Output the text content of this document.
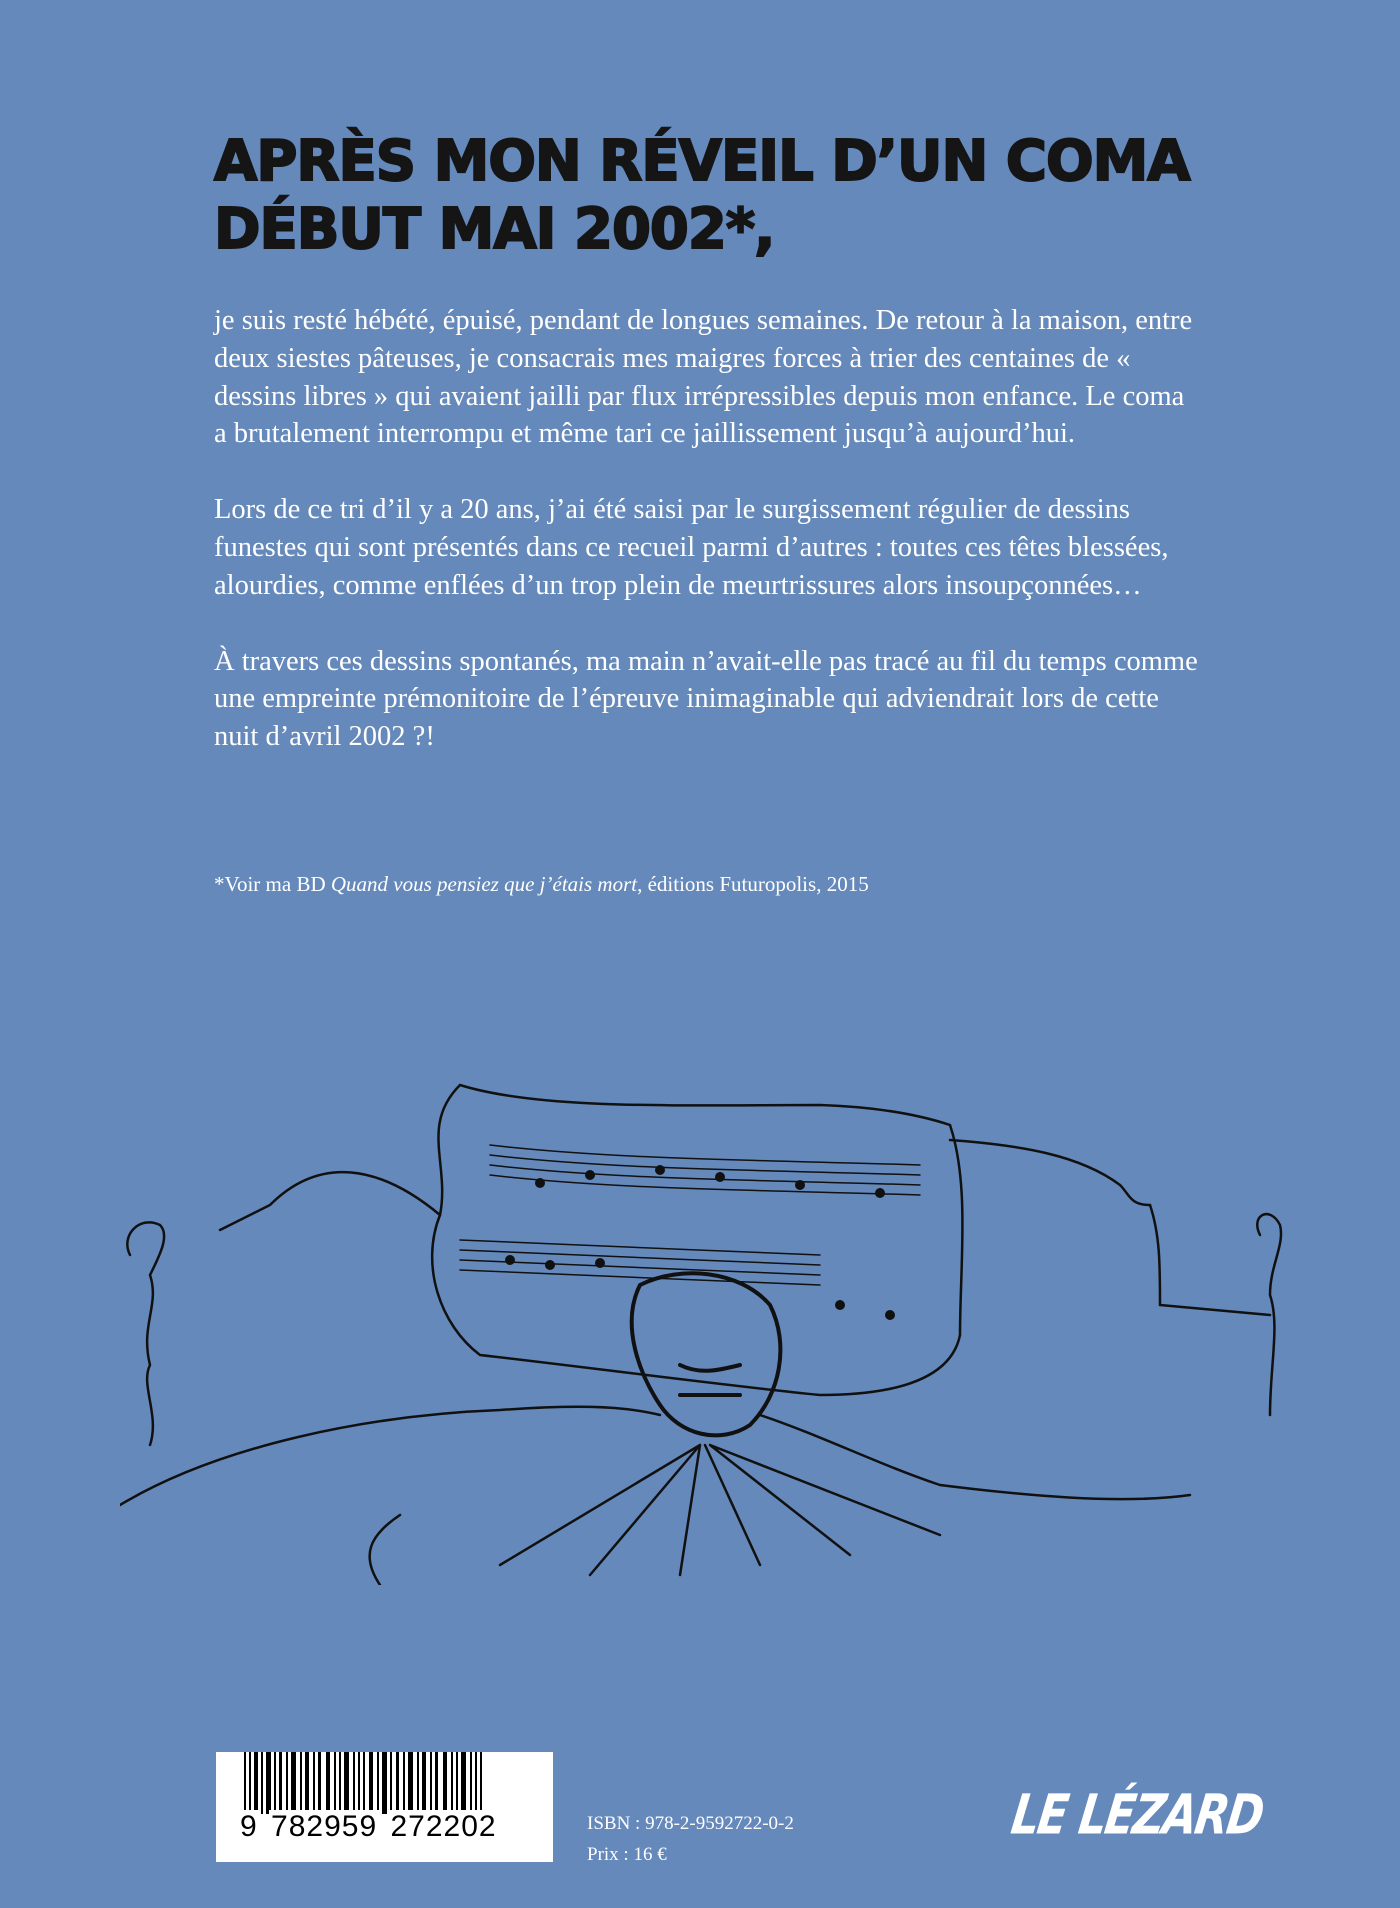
APRÈS MON RÉVEIL D’UN COMA
DÉBUT MAI 2002*,

je suis resté hébété, épuisé, pendant de longues semaines. De retour à la maison, entre deux siestes pâteuses, je consacrais mes maigres forces à trier des centaines de « dessins libres » qui avaient jailli par flux irrépressibles depuis mon enfance. Le coma a brutalement interrompu et même tari ce jaillissement jusqu’à aujourd’hui.

Lors de ce tri d’il y a 20 ans, j’ai été saisi par le surgissement régulier de dessins funestes qui sont présentés dans ce recueil parmi d’autres : toutes ces têtes blessées, alourdies, comme enflées d’un trop plein de meurtrissures alors insoupçonnées…

À travers ces dessins spontanés, ma main n’avait-elle pas tracé au fil du temps comme une empreinte prémonitoire de l’épreuve inimaginable qui adviendrait lors de cette nuit d’avril 2002 ?!

*Voir ma BD Quand vous pensiez que j’étais mort, éditions Futuropolis, 2015
9 782959 272202	ISBN : 978-2-9592722-0-2
Prix : 16 €
LE LÉZARD
